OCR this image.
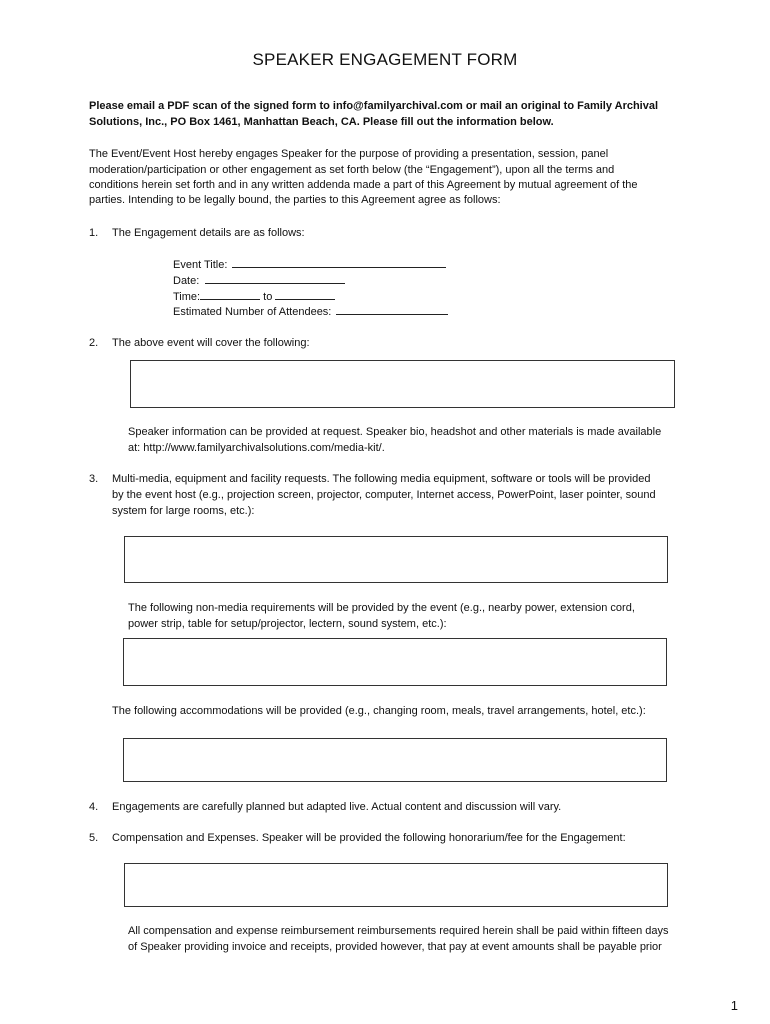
SPEAKER ENGAGEMENT FORM
Please email a PDF scan of the signed form to info@familyarchival.com or mail an original to Family Archival
Solutions, Inc., PO Box 1461, Manhattan Beach, CA. Please fill out the information below.
The Event/Event Host hereby engages Speaker for the purpose of providing a presentation, session, panel
moderation/participation or other engagement as set forth below (the “Engagement”), upon all the terms and
conditions herein set forth and in any written addenda made a part of this Agreement by mutual agreement of the
parties. Intending to be legally bound, the parties to this Agreement agree as follows:
1.	The Engagement details are as follows:
Event Title:
Date:
Time:	to
Estimated Number of Attendees:
2.	The above event will cover the following:
Speaker information can be provided at request. Speaker bio, headshot and other materials is made available
at: http://www.familyarchivalsolutions.com/media-kit/.
3.	Multi-media, equipment and facility requests. The following media equipment, software or tools will be provided
by the event host (e.g., projection screen, projector, computer, Internet access, PowerPoint, laser pointer, sound
system for large rooms, etc.):
The following non-media requirements will be provided by the event (e.g., nearby power, extension cord,
power strip, table for setup/projector, lectern, sound system, etc.):
The following accommodations will be provided (e.g., changing room, meals, travel arrangements, hotel, etc.):
4.	Engagements are carefully planned but adapted live. Actual content and discussion will vary.
5.	Compensation and Expenses. Speaker will be provided the following honorarium/fee for the Engagement:
All compensation and expense reimbursement reimbursements required herein shall be paid within fifteen days
of Speaker providing invoice and receipts, provided however, that pay at event amounts shall be payable prior
1
